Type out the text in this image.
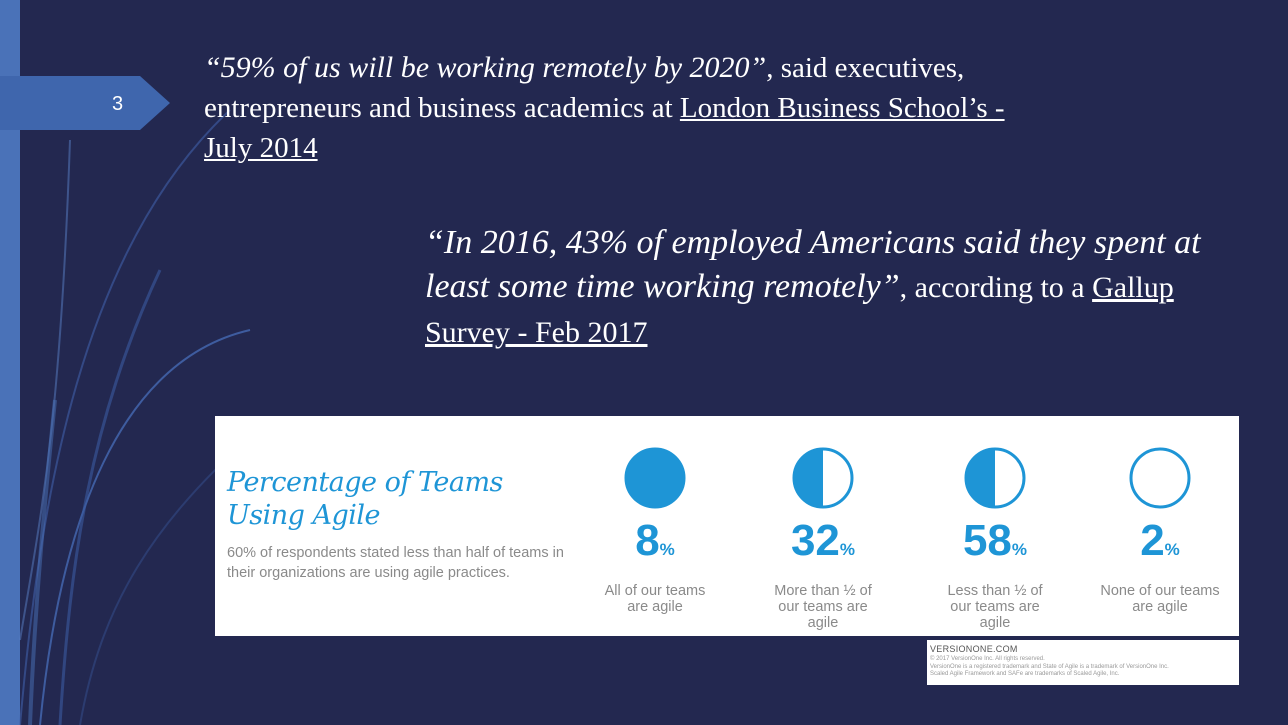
3

“59% of us will be working remotely by 2020”, said executives, entrepreneurs and business academics at London Business School’s - July 2014

“In 2016, 43% of employed Americans said they spent at least some time working remotely”, according to a Gallup Survey - Feb 2017

Percentage of Teams Using Agile

60% of respondents stated less than half of teams in their organizations are using agile practices.

8%
All of our teams are agile
32%
More than ½ of our teams are agile
58%
Less than ½ of our teams are agile
2%
None of our teams are agile
VERSIONONE.COM
© 2017 VersionOne Inc. All rights reserved.
VersionOne is a registered trademark and State of Agile is a trademark of VersionOne Inc.
Scaled Agile Framework and SAFe are trademarks of Scaled Agile, Inc.
